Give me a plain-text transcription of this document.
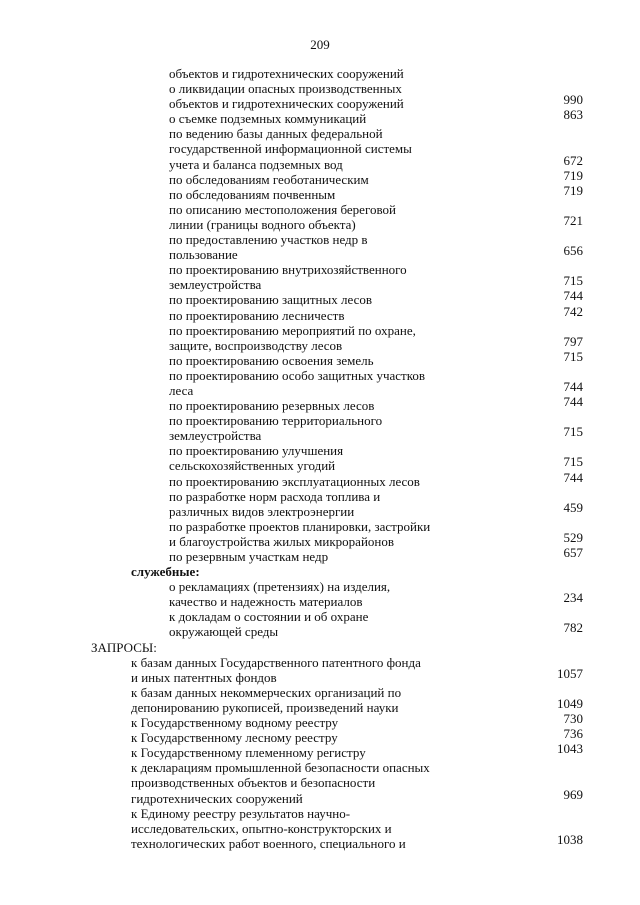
209
объектов и гидротехнических сооружений
о ликвидации опасных производственных
объектов и гидротехнических сооружений	990
о съемке подземных коммуникаций	863
по ведению базы данных федеральной
государственной информационной системы
учета и баланса подземных вод	672
по обследованиям геоботаническим	719
по обследованиям почвенным	719
по описанию местоположения береговой
линии (границы водного объекта)	721
по предоставлению участков недр в
пользование	656
по проектированию внутрихозяйственного
землеустройства	715
по проектированию защитных лесов	744
по проектированию лесничеств	742
по проектированию мероприятий по охране,
защите, воспроизводству лесов	797
по проектированию освоения земель	715
по проектированию особо защитных участков
леса	744
по проектированию резервных лесов	744
по проектированию территориального
землеустройства	715
по проектированию улучшения
сельскохозяйственных угодий	715
по проектированию эксплуатационных лесов	744
по разработке норм расхода топлива и
различных видов электроэнергии	459
по разработке проектов планировки, застройки
и благоустройства жилых микрорайонов	529
по резервным участкам недр	657
служебные:
о рекламациях (претензиях) на изделия,
качество и надежность материалов	234
к докладам о состоянии и об охране
окружающей среды	782
ЗАПРОСЫ:
к базам данных Государственного патентного фонда
и иных патентных фондов	1057
к базам данных некоммерческих организаций по
депонированию рукописей, произведений науки	1049
к Государственному водному реестру	730
к Государственному лесному реестру	736
к Государственному племенному регистру	1043
к декларациям промышленной безопасности опасных
производственных объектов и безопасности
гидротехнических сооружений	969
к Единому реестру результатов научно-
исследовательских, опытно-конструкторских и
технологических работ военного, специального и	1038
